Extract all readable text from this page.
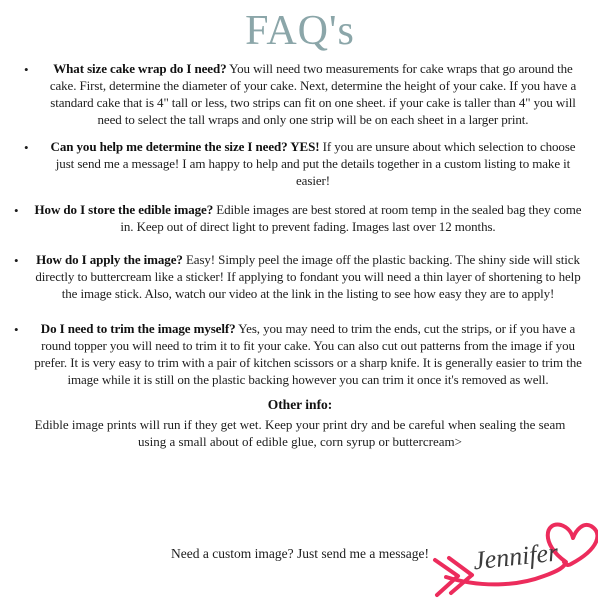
FAQ's
•	What size cake wrap do I need? You will need two measurements for cake wraps that go around the cake. First, determine the diameter of your cake. Next, determine the height of your cake. If you have a standard cake that is 4" tall or less, two strips can fit on one sheet. if your cake is taller than 4" you will need to select the tall wraps and only one strip will be on each sheet in a larger print.
•	Can you help me determine the size I need? YES! If you are unsure about which selection to choose just send me a message! I am happy to help and put the details together in a custom listing to make it easier!
•	How do I store the edible image? Edible images are best stored at room temp in the sealed bag they come in. Keep out of direct light to prevent fading. Images last over 12 months.
•	How do I apply the image? Easy! Simply peel the image off the plastic backing. The shiny side will stick directly to buttercream like a sticker! If applying to fondant you will need a thin layer of shortening to help the image stick. Also, watch our video at the link in the listing to see how easy they are to apply!
•	Do I need to trim the image myself? Yes, you may need to trim the ends, cut the strips, or if you have a round topper you will need to trim it to fit your cake. You can also cut out patterns from the image if you prefer. It is very easy to trim with a pair of kitchen scissors or a sharp knife. It is generally easier to trim the image while it is still on the plastic backing however you can trim it once it's removed as well.
Other info:

Edible image prints will run if they get wet. Keep your print dry and be careful when sealing the seam using a small about of edible glue, corn syrup or buttercream>

Need a custom image? Just send me a message!	Jennifer
